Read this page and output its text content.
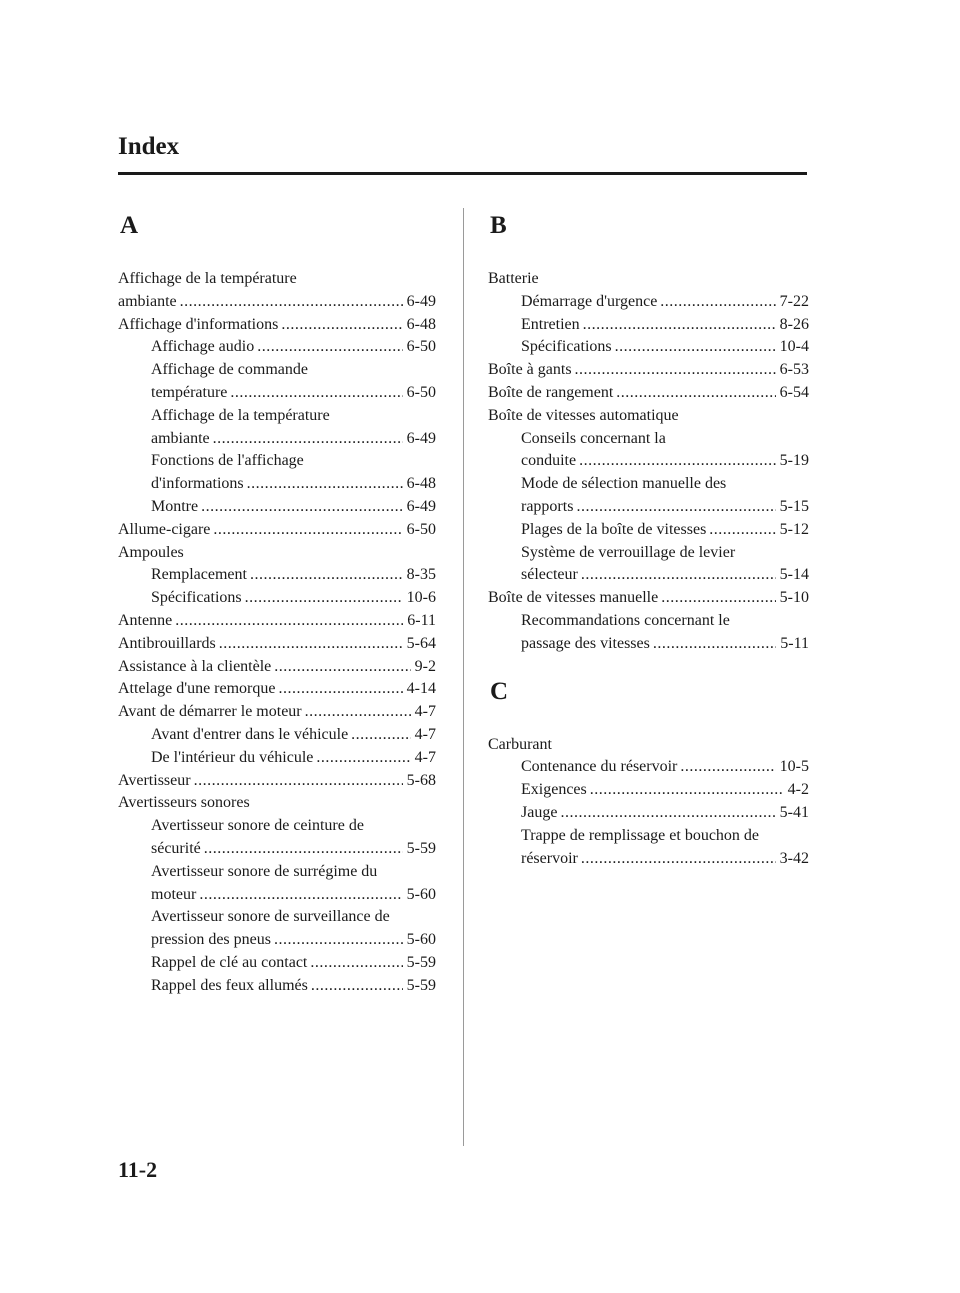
Index
A
Affichage de la température
ambiante .....	6-49
Affichage d'informations .....	6-48
Affichage audio .....	6-50
Affichage de commande
température .....	6-50
Affichage de la température
ambiante .....	6-49
Fonctions de l'affichage
d'informations .....	6-48
Montre .....	6-49
Allume-cigare .....	6-50
Ampoules
Remplacement .....	8-35
Spécifications .....	10-6
Antenne .....	6-11
Antibrouillards .....	5-64
Assistance à la clientèle .....	9-2
Attelage d'une remorque .....	4-14
Avant de démarrer le moteur .....	4-7
Avant d'entrer dans le véhicule .....	4-7
De l'intérieur du véhicule .....	4-7
Avertisseur .....	5-68
Avertisseurs sonores
Avertisseur sonore de ceinture de
sécurité .....	5-59
Avertisseur sonore de surrégime du
moteur .....	5-60
Avertisseur sonore de surveillance de
pression des pneus .....	5-60
Rappel de clé au contact .....	5-59
Rappel des feux allumés .....	5-59
B
Batterie
Démarrage d'urgence .....	7-22
Entretien .....	8-26
Spécifications .....	10-4
Boîte à gants .....	6-53
Boîte de rangement .....	6-54
Boîte de vitesses automatique
Conseils concernant la
conduite .....	5-19
Mode de sélection manuelle des
rapports .....	5-15
Plages de la boîte de vitesses .....	5-12
Système de verrouillage de levier
sélecteur .....	5-14
Boîte de vitesses manuelle .....	5-10
Recommandations concernant le
passage des vitesses .....	5-11
C
Carburant
Contenance du réservoir .....	10-5
Exigences .....	4-2
Jauge .....	5-41
Trappe de remplissage et bouchon de
réservoir .....	3-42
11-2
